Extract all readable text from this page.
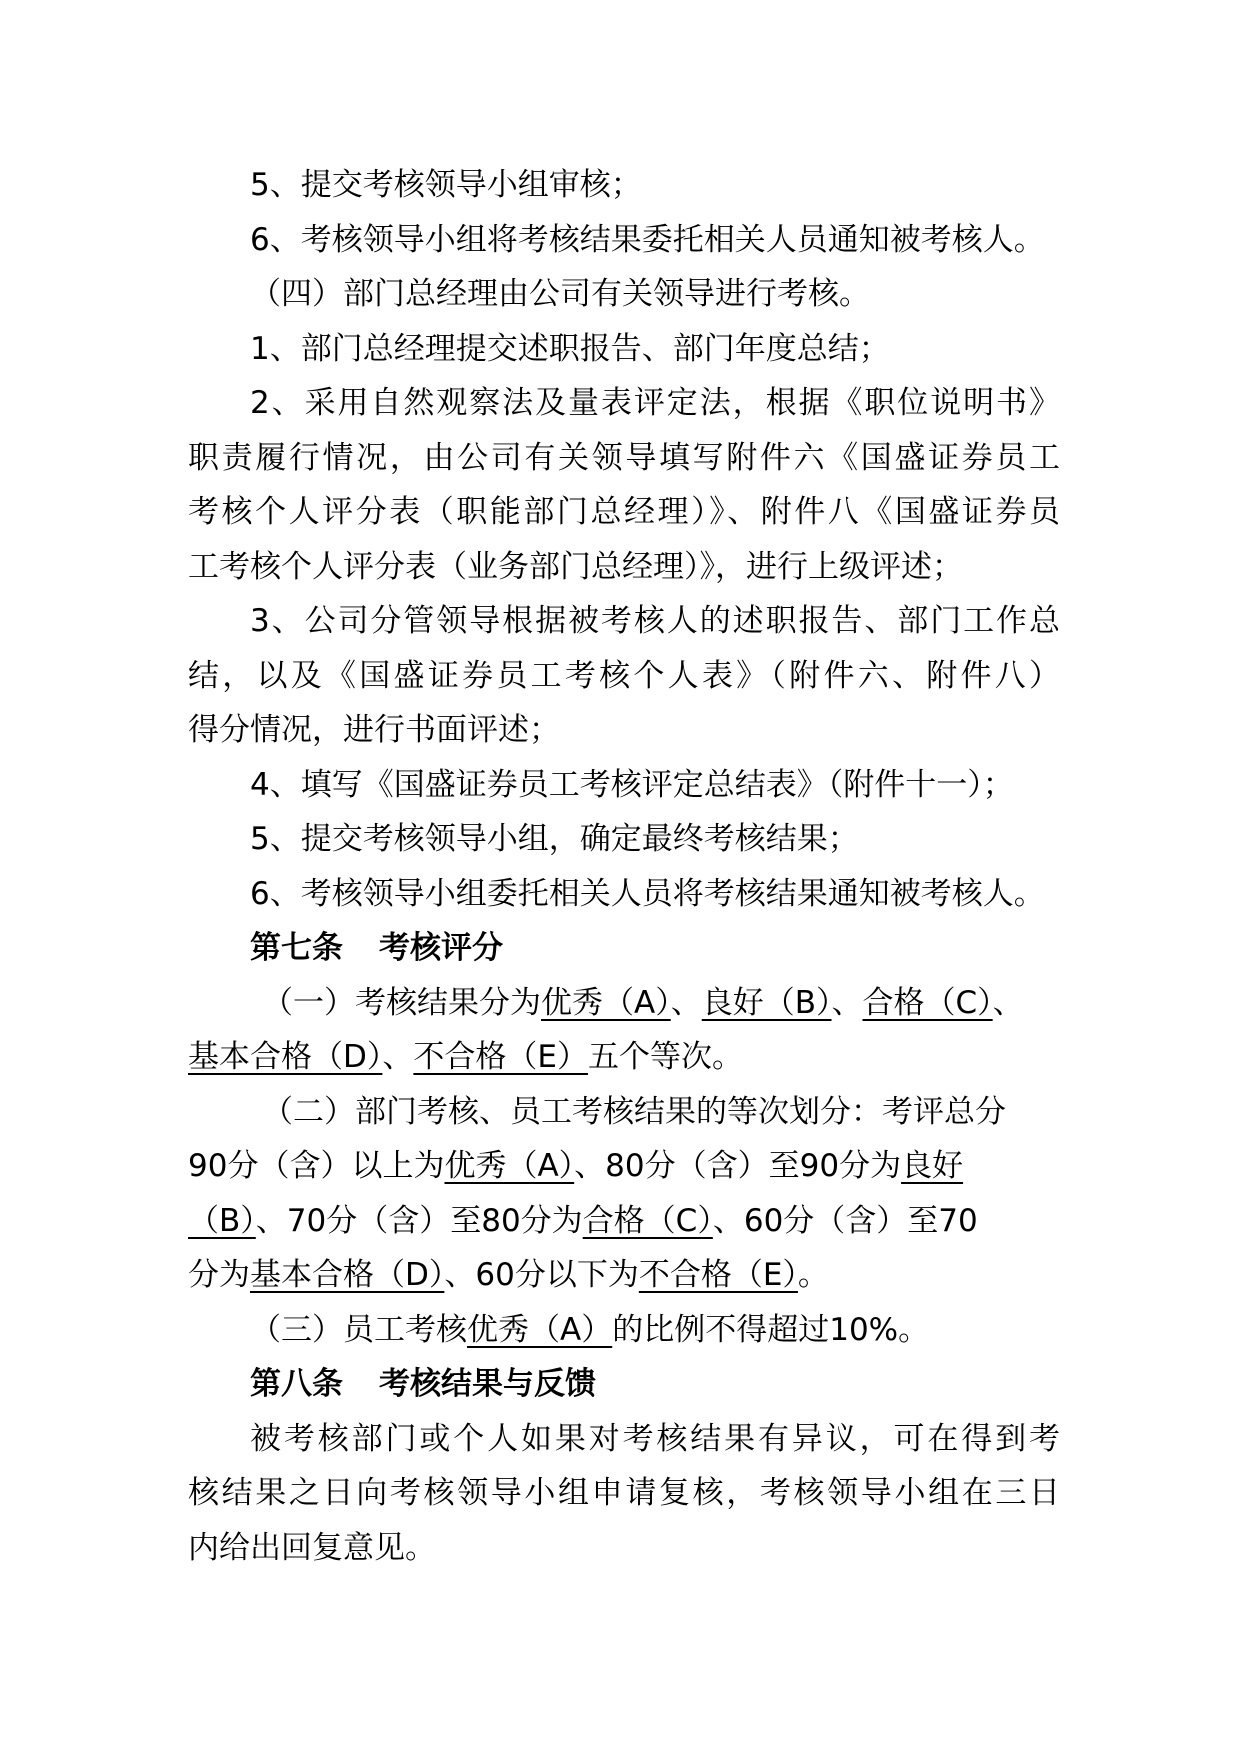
5、提交考核领导小组审核；
6、考核领导小组将考核结果委托相关人员通知被考核人。
（四）部门总经理由公司有关领导进行考核。
1、部门总经理提交述职报告、部门年度总结；
2、采用自然观察法及量表评定法，根据《职位说明书》
职责履行情况，由公司有关领导填写附件六《国盛证券员工
考核个人评分表（职能部门总经理）》、附件八《国盛证券员
工考核个人评分表（业务部门总经理）》，进行上级评述；
3、公司分管领导根据被考核人的述职报告、部门工作总
结，以及《国盛证券员工考核个人表》（附件六、附件八）
得分情况，进行书面评述；
4、填写《国盛证券员工考核评定总结表》（附件十一）；
5、提交考核领导小组，确定最终考核结果；
6、考核领导小组委托相关人员将考核结果通知被考核人。
第七条 考核评分
（一）考核结果分为优秀（A）、良好（B）、合格（C）、
基本合格（D）、不合格（E）五个等次。
（二）部门考核、员工考核结果的等次划分：考评总分
90分（含）以上为优秀（A）、80分（含）至90分为良好
（B）、70分（含）至80分为合格（C）、60分（含）至70
分为基本合格（D）、60分以下为不合格（E）。
（三）员工考核优秀（A）的比例不得超过10%。
第八条 考核结果与反馈
被考核部门或个人如果对考核结果有异议，可在得到考
核结果之日向考核领导小组申请复核，考核领导小组在三日
内给出回复意见。
